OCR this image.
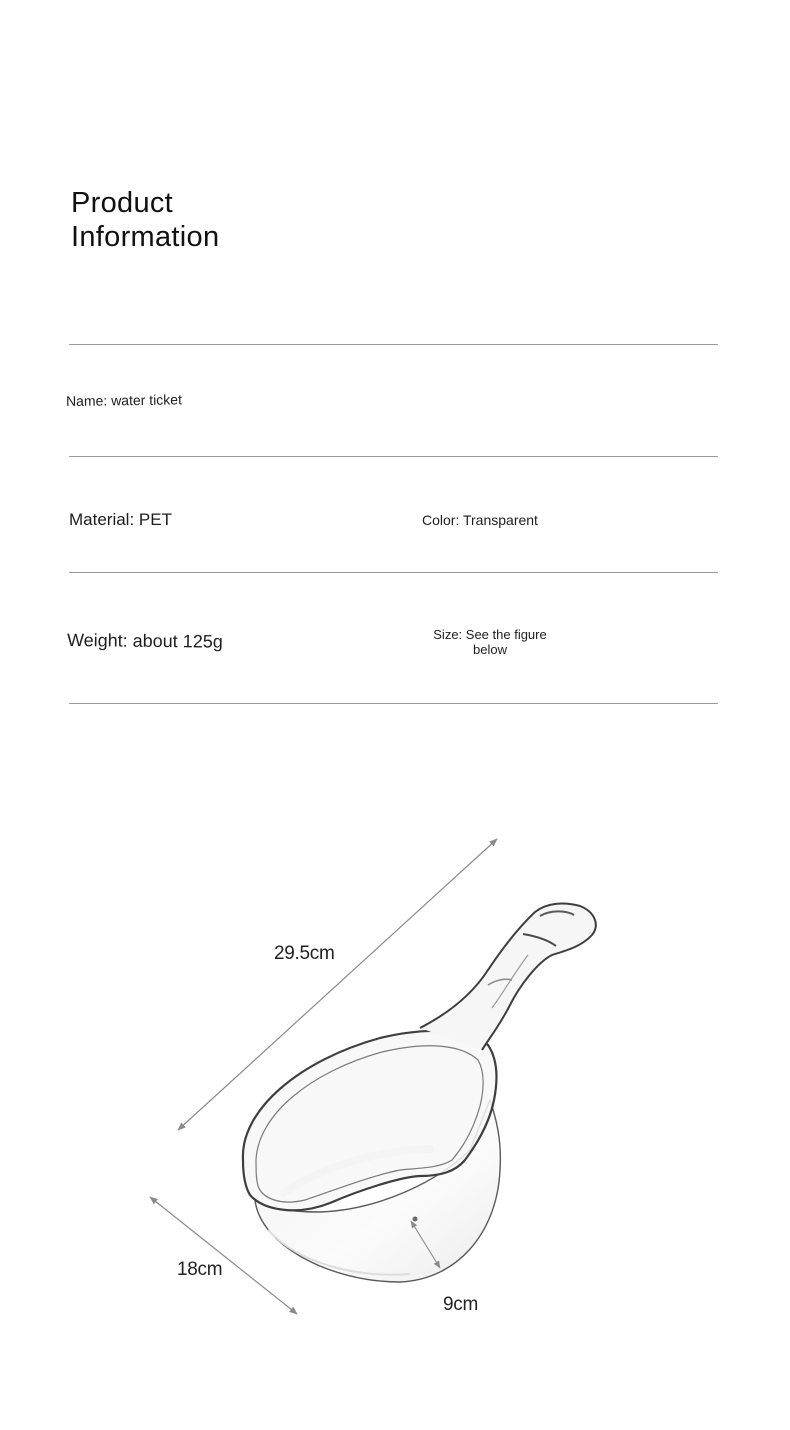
Product
Information
Name: water ticket
Material: PET	Color: Transparent
Weight: about 125g	Size: See the figure below
29.5cm
18cm
9cm
